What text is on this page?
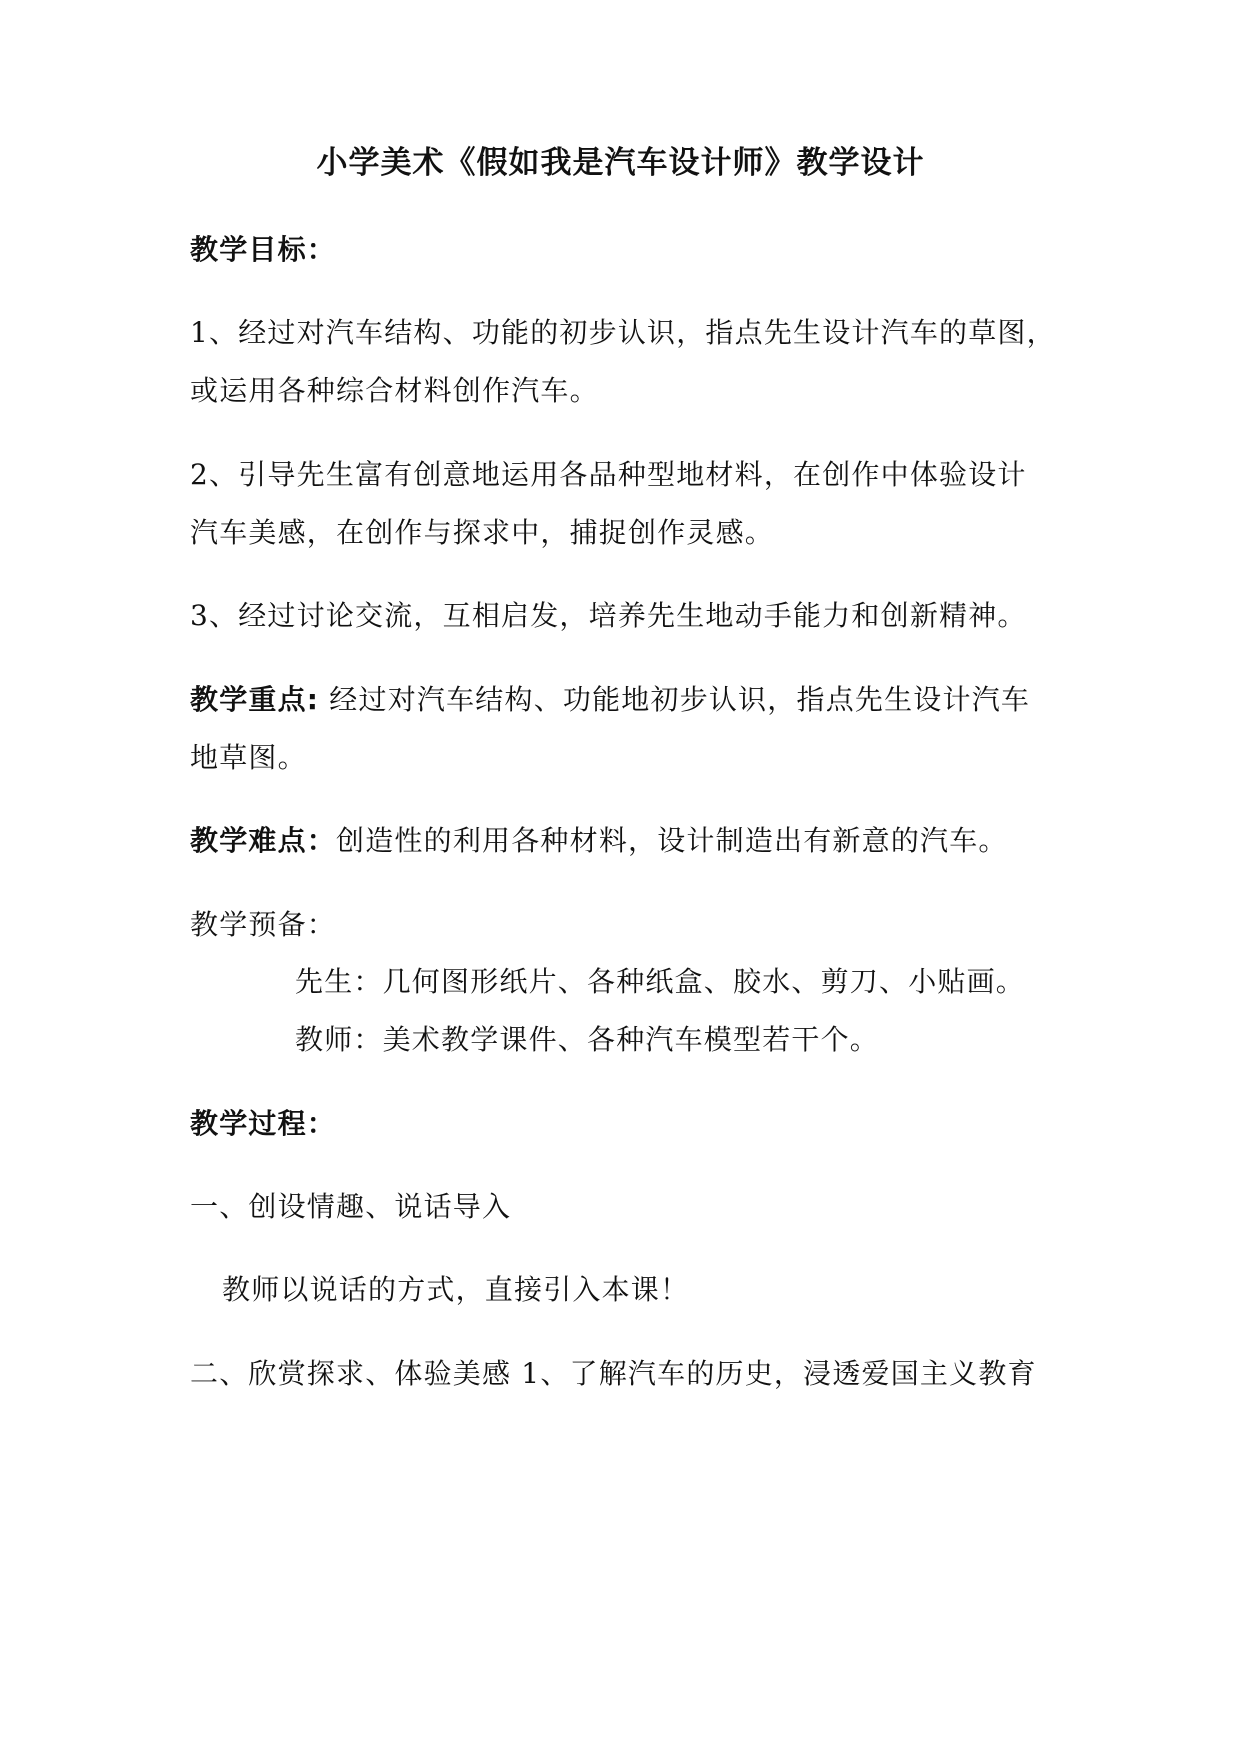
小学美术《假如我是汽车设计师》教学设计
教学目标：
1、经过对汽车结构、功能的初步认识，指点先生设计汽车的草图，
或运用各种综合材料创作汽车。
2、引导先生富有创意地运用各品种型地材料，在创作中体验设计
汽车美感，在创作与探求中，捕捉创作灵感。
3、经过讨论交流，互相启发，培养先生地动手能力和创新精神。
教学重点: 经过对汽车结构、功能地初步认识，指点先生设计汽车
地草图。
教学难点：创造性的利用各种材料，设计制造出有新意的汽车。
教学预备：
先生：几何图形纸片、各种纸盒、胶水、剪刀、小贴画。
教师：美术教学课件、各种汽车模型若干个。
教学过程：
一、创设情趣、说话导入
教师以说话的方式，直接引入本课！
二、欣赏探求、体验美感 1、了解汽车的历史，浸透爱国主义教育
